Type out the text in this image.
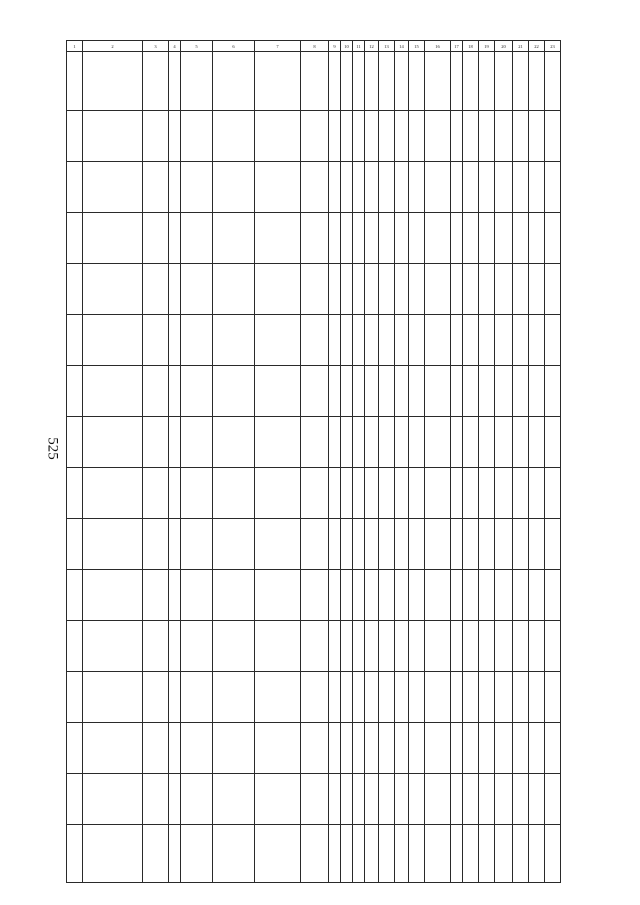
525
1	2	3	4	5	6	7	8	9	10	11	12	13	14	15	16	17	18	19	20	21	22	23
